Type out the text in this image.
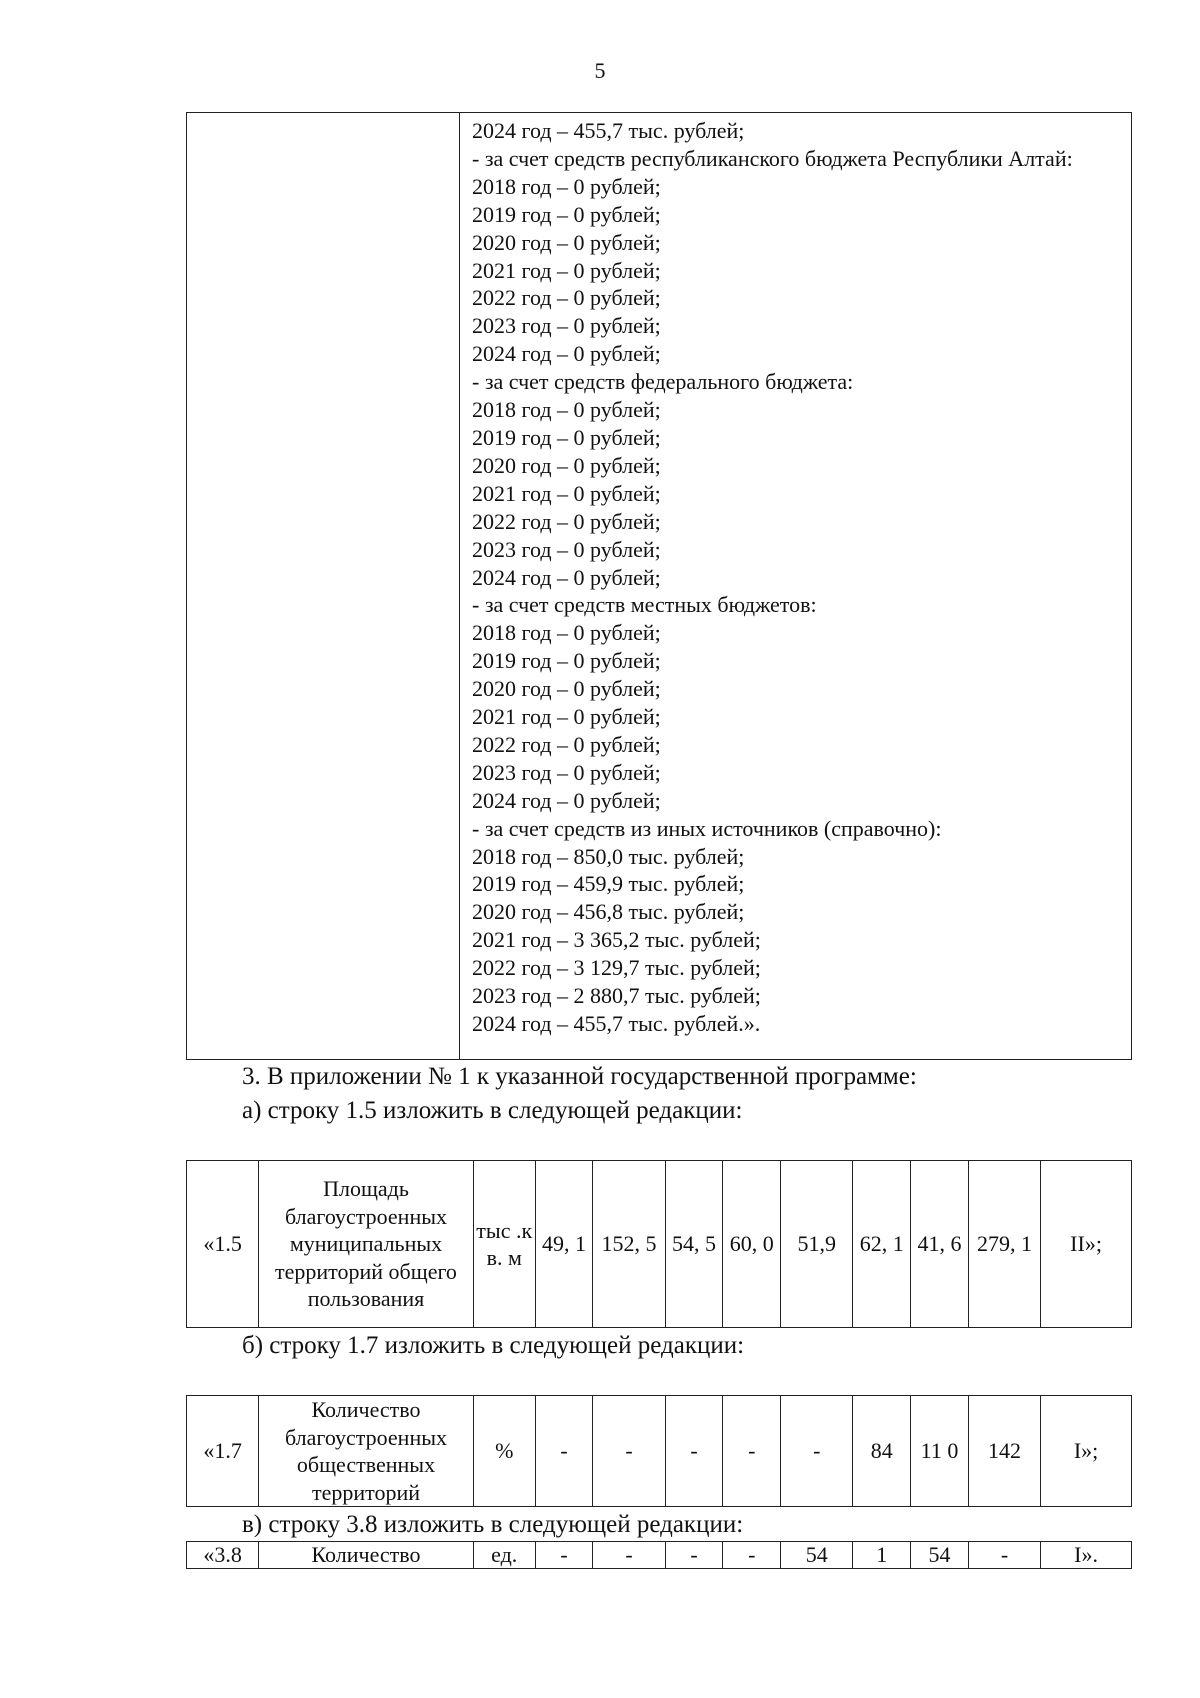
5

2024 год – 455,7 тыс. рублей;
- за счет средств республиканского бюджета Республики Алтай:
2018 год – 0 рублей;
2019 год – 0 рублей;
2020 год – 0 рублей;
2021 год – 0 рублей;
2022 год – 0 рублей;
2023 год – 0 рублей;
2024 год – 0 рублей;
- за счет средств федерального бюджета:
2018 год – 0 рублей;
2019 год – 0 рублей;
2020 год – 0 рублей;
2021 год – 0 рублей;
2022 год – 0 рублей;
2023 год – 0 рублей;
2024 год – 0 рублей;
- за счет средств местных бюджетов:
2018 год – 0 рублей;
2019 год – 0 рублей;
2020 год – 0 рублей;
2021 год – 0 рублей;
2022 год – 0 рублей;
2023 год – 0 рублей;
2024 год – 0 рублей;
- за счет средств из иных источников (справочно):
2018 год – 850,0 тыс. рублей;
2019 год – 459,9 тыс. рублей;
2020 год – 456,8 тыс. рублей;
2021 год – 3 365,2 тыс. рублей;
2022 год – 3 129,7 тыс. рублей;
2023 год – 2 880,7 тыс. рублей;
2024 год – 455,7 тыс. рублей.».
3. В приложении № 1 к указанной государственной программе:
а) строку 1.5 изложить в следующей редакции:
«1.5	Площадь благоустроенных муниципальных территорий общего пользования	тыс .кв. м	49, 1	152, 5	54, 5	60, 0	51,9	62, 1	41, 6	279, 1	II»;
б) строку 1.7 изложить в следующей редакции:
«1.7	Количество благоустроенных общественных территорий	%	-	-	-	-	-	84	11 0	142	I»;
в) строку 3.8 изложить в следующей редакции:
«3.8	Количество	ед.	-	-	-	-	54	1	54	-	I».
